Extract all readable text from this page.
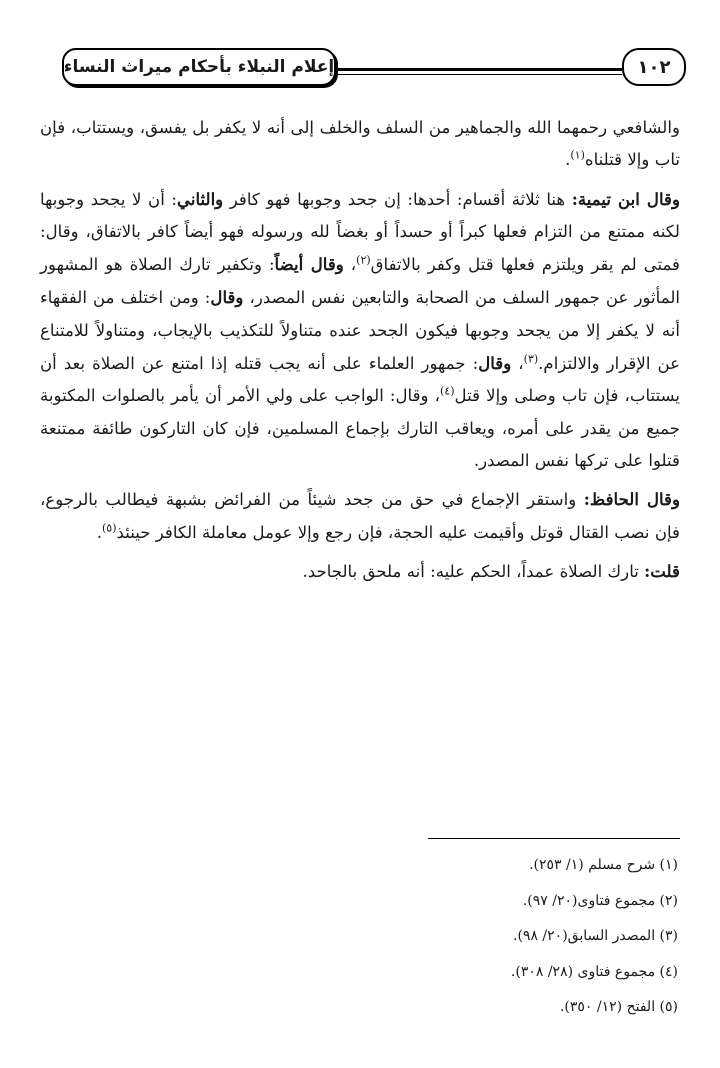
إعلام النبلاء بأحكام ميراث النساء	١٠٢

والشافعي رحمهما الله والجماهير من السلف والخلف إلى أنه لا يكفر بل يفسق، ويستتاب، فإن تاب وإلا قتلناه$^{(١)}$.

وقال ابن تيمية: هنا ثلاثة أقسام: أحدها: إن جحد وجوبها فهو كافر والثاني: أن لا يجحد وجوبها لكنه ممتنع من التزام فعلها كبراً أو حسداً أو بغضاً لله ورسوله فهو أيضاً كافر بالاتفاق، وقال: فمتى لم يقر ويلتزم فعلها قتل وكفر بالاتفاق$^{(٢)}$، وقال أيضاً: وتكفير تارك الصلاة هو المشهور المأثور عن جمهور السلف من الصحابة والتابعين نفس المصدر، وقال: ومن اختلف من الفقهاء أنه لا يكفر إلا من يجحد وجوبها فيكون الجحد عنده متناولاً للتكذيب بالإيجاب، ومتناولاً للامتناع عن الإقرار والالتزام.$^{(٣)}$، وقال: جمهور العلماء على أنه يجب قتله إذا امتنع عن الصلاة بعد أن يستتاب، فإن تاب وصلى وإلا قتل$^{(٤)}$، وقال: الواجب على ولي الأمر أن يأمر بالصلوات المكتوبة جميع من يقدر على أمره، ويعاقب التارك بإجماع المسلمين، فإن كان التاركون طائفة ممتنعة قتلوا على تركها نفس المصدر.

وقال الحافظ: واستقر الإجماع في حق من جحد شيئاً من الفرائض بشبهة فيطالب بالرجوع، فإن نصب القتال قوتل وأقيمت عليه الحجة، فإن رجع وإلا عومل معاملة الكافر حينئذ$^{(٥)}$.

قلت: تارك الصلاة عمداً، الحكم عليه: أنه ملحق بالجاحد.

(١) شرح مسلم (١/ ٢٥٣).
(٢) مجموع فتاوى(٢٠/ ٩٧).
(٣) المصدر السابق(٢٠/ ٩٨).
(٤) مجموع فتاوى (٢٨/ ٣٠٨).
(٥) الفتح (١٢/ ٣٥٠).
